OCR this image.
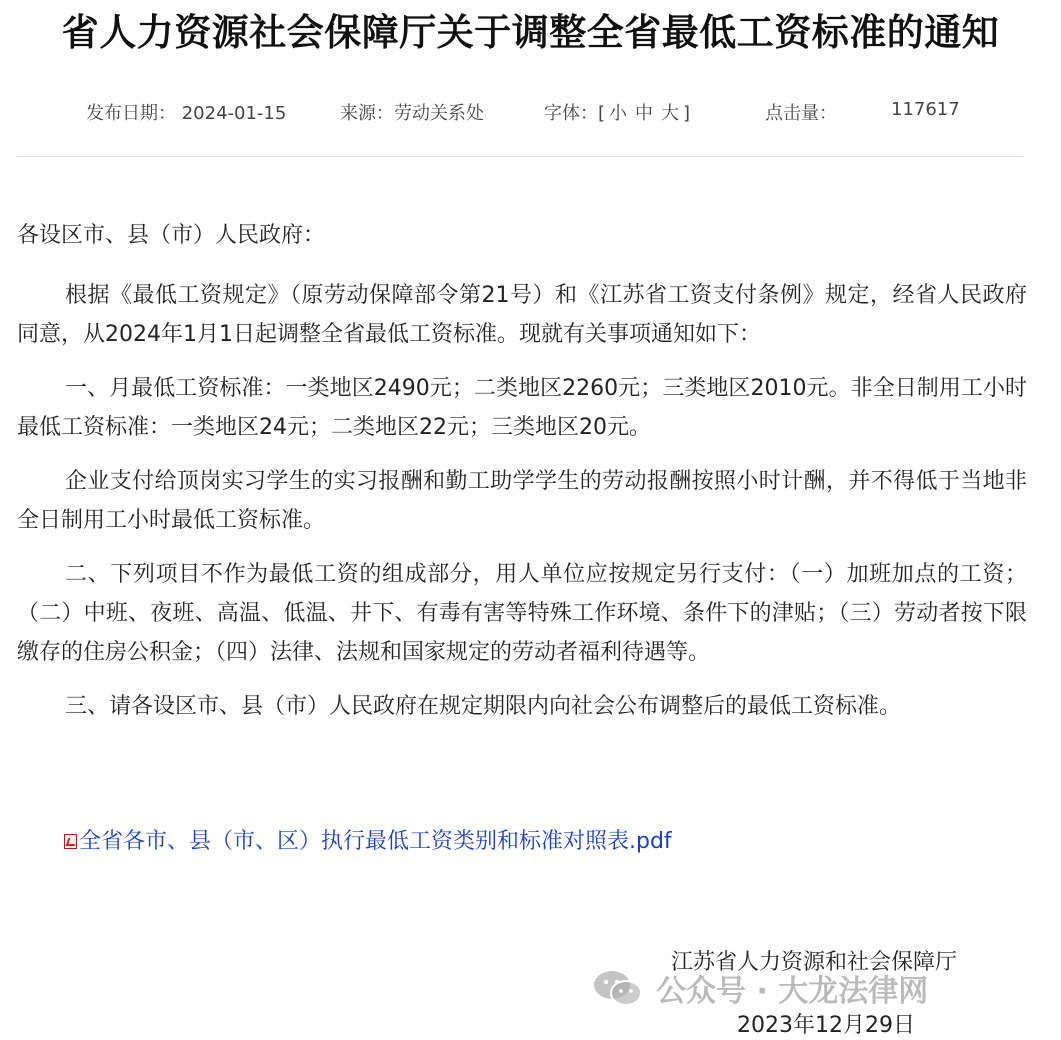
省人力资源社会保障厅关于调整全省最低工资标准的通知
发布日期： 2024-01-15	来源：劳动关系处	字体：[ 小 中 大 ]	点击量：	117617

各设区市、县（市）人民政府：

根据《最低工资规定》（原劳动保障部令第21号）和《江苏省工资支付条例》规定，经省人民政府同意，从2024年1月1日起调整全省最低工资标准。现就有关事项通知如下：

一、月最低工资标准：一类地区2490元；二类地区2260元；三类地区2010元。非全日制用工小时最低工资标准：一类地区24元；二类地区22元；三类地区20元。

企业支付给顶岗实习学生的实习报酬和勤工助学学生的劳动报酬按照小时计酬，并不得低于当地非全日制用工小时最低工资标准。

二、下列项目不作为最低工资的组成部分，用人单位应按规定另行支付：（一）加班加点的工资；（二）中班、夜班、高温、低温、井下、有毒有害等特殊工作环境、条件下的津贴；（三）劳动者按下限缴存的住房公积金；（四）法律、法规和国家规定的劳动者福利待遇等。

三、请各设区市、县（市）人民政府在规定期限内向社会公布调整后的最低工资标准。

全省各市、县（市、区）执行最低工资类别和标准对照表.pdf
江苏省人力资源和社会保障厅
公众号 · 大龙法律网
2023年12月29日
